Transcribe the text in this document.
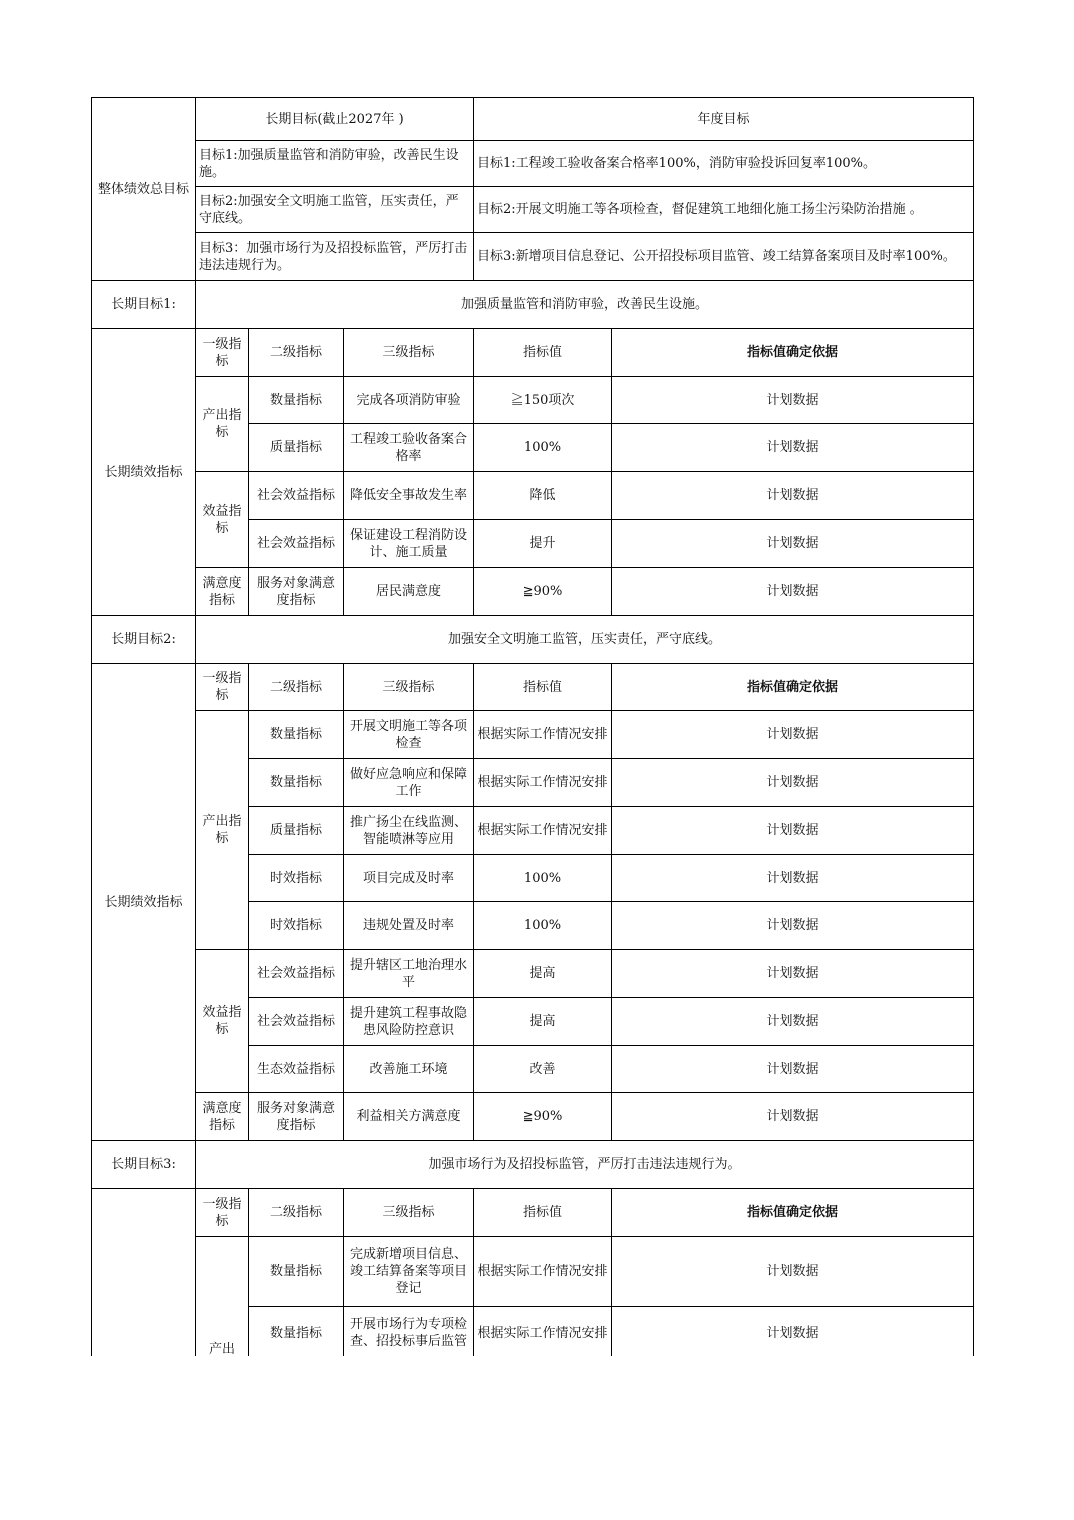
整体绩效总目标	长期目标(截止2027年 )			年度目标	
	目标1:加强质量监管和消防审验，改善民生设施。			目标1:工程竣工验收备案合格率100%，消防审验投诉回复率100%。	
	目标2:加强安全文明施工监管，压实责任，严守底线。			目标2:开展文明施工等各项检查，督促建筑工地细化施工扬尘污染防治措施 。	
	目标3：加强市场行为及招投标监管，严厉打击违法违规行为。			目标3:新增项目信息登记、公开招投标项目监管、竣工结算备案项目及时率100%。	
长期目标1:	加强质量监管和消防审验，改善民生设施。				
长期绩效指标	一级指标	二级指标	三级指标	指标值	指标值确定依据
	产出指标	数量指标	完成各项消防审验	≧150项次	计划数据
		质量指标	工程竣工验收备案合格率	100%	计划数据
	效益指标	社会效益指标	降低安全事故发生率	降低	计划数据
		社会效益指标	保证建设工程消防设计、施工质量	提升	计划数据
	满意度指标	服务对象满意度指标	居民满意度	≧90%	计划数据
长期目标2:	加强安全文明施工监管，压实责任，严守底线。				
长期绩效指标	一级指标	二级指标	三级指标	指标值	指标值确定依据
	产出指标	数量指标	开展文明施工等各项检查	根据实际工作情况安排	计划数据
		数量指标	做好应急响应和保障工作	根据实际工作情况安排	计划数据
		质量指标	推广扬尘在线监测、智能喷淋等应用	根据实际工作情况安排	计划数据
		时效指标	项目完成及时率	100%	计划数据
		时效指标	违规处置及时率	100%	计划数据
	效益指标	社会效益指标	提升辖区工地治理水平	提高	计划数据
		社会效益指标	提升建筑工程事故隐患风险防控意识	提高	计划数据
		生态效益指标	改善施工环境	改善	计划数据
	满意度指标	服务对象满意度指标	利益相关方满意度	≧90%	计划数据
长期目标3:	加强市场行为及招投标监管，严厉打击违法违规行为。				
	一级指标	二级指标	三级指标	指标值	指标值确定依据
	产出	数量指标	完成新增项目信息、竣工结算备案等项目登记	根据实际工作情况安排	计划数据
		数量指标	开展市场行为专项检查、招投标事后监管	根据实际工作情况安排	计划数据
